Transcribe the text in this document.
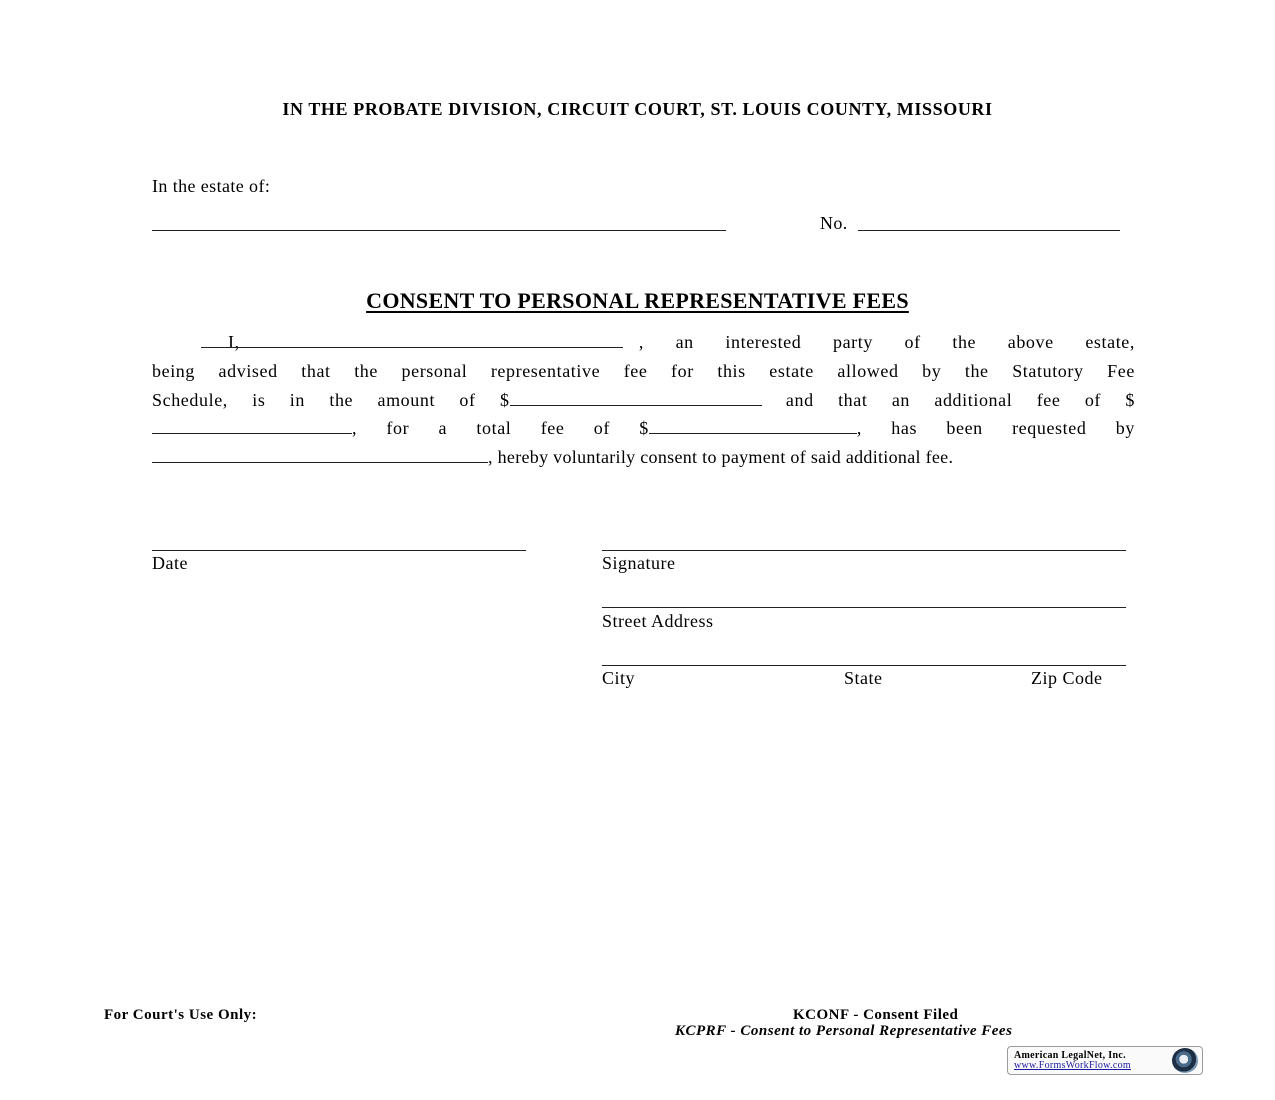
IN THE PROBATE DIVISION, CIRCUIT COURT, ST. LOUIS COUNTY, MISSOURI
In the estate of:
No.
CONSENT TO PERSONAL REPRESENTATIVE FEES
I,	, an interested party of the above estate,
being advised that the personal representative fee for this estate allowed by the Statutory Fee
Schedule, is in the amount of $	and that an additional fee of $
, for a total fee of $	, has been requested by
, hereby voluntarily consent to payment of said additional fee.
Date	Signature
Street Address
City	State	Zip Code
For Court's Use Only:	KCONF - Consent Filed
KCPRF - Consent to Personal Representative Fees
American LegalNet, Inc.
www.FormsWorkFlow.com
